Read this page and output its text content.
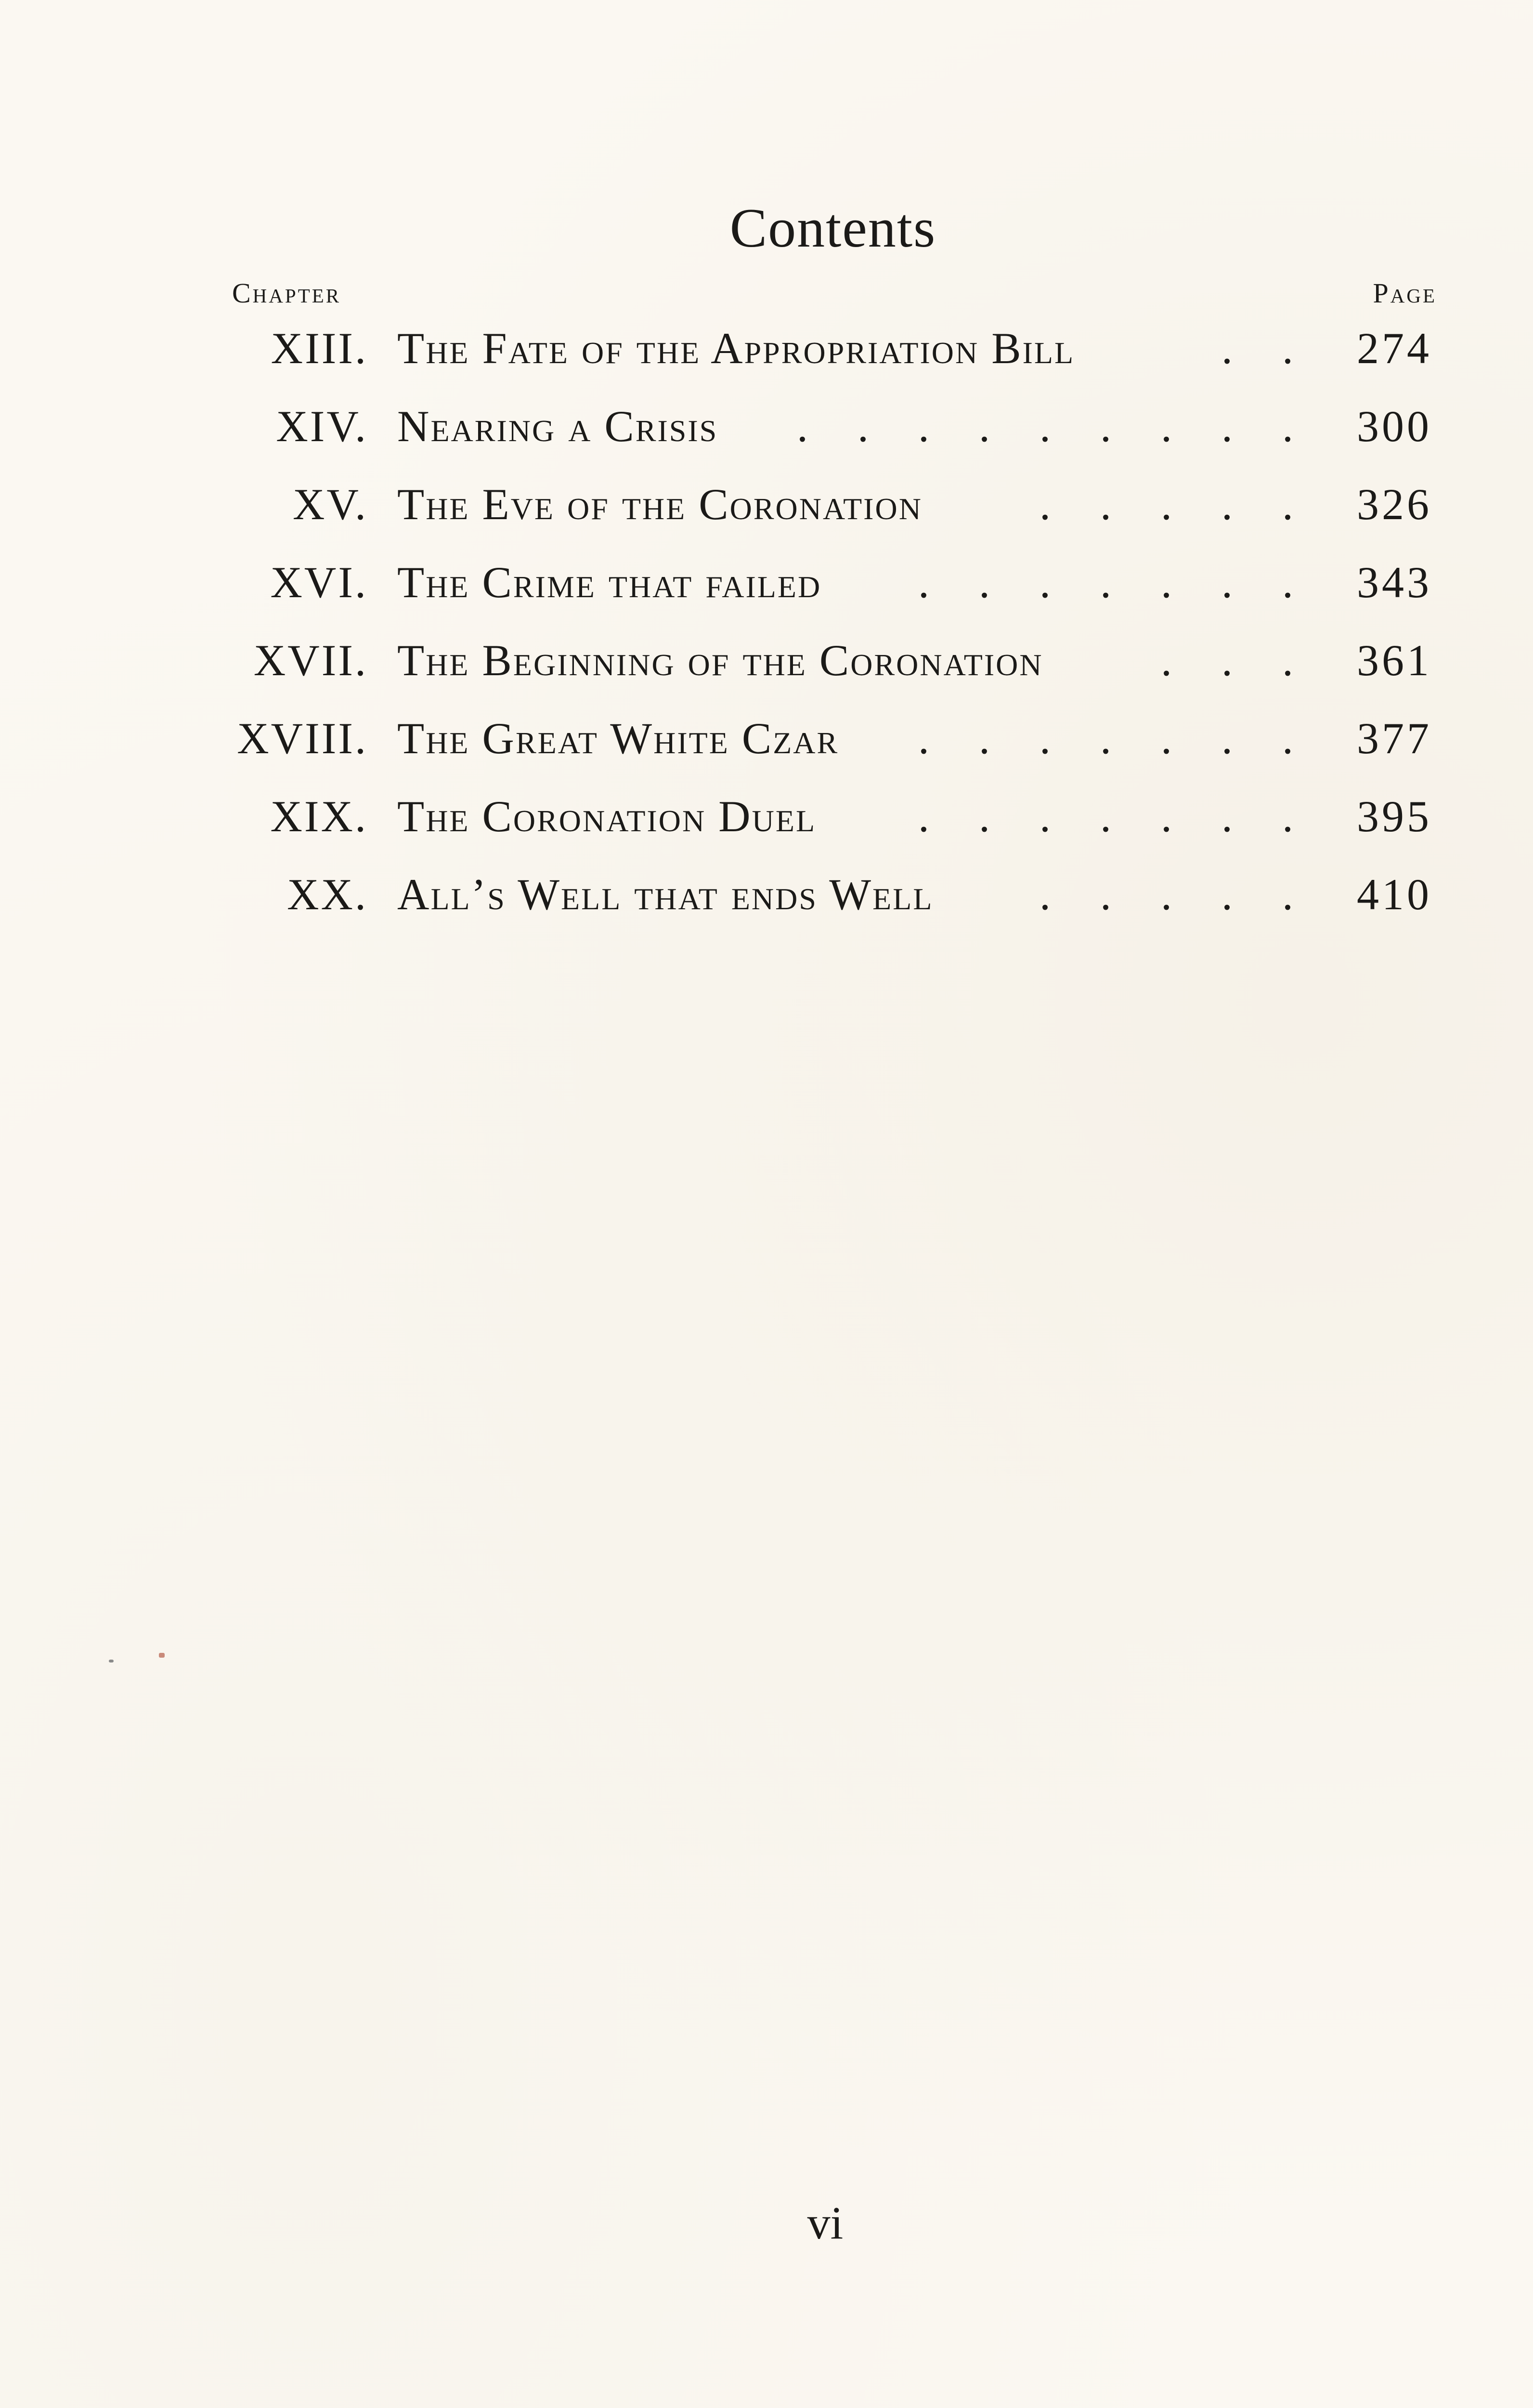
Contents
Chapter	Page
XIII. The Fate of the Appropriation Bill	. . 274
XIV. Nearing a Crisis . . . . . . . . . 300
XV. The Eve of the Coronation	. . . . . 326
XVI. The Crime that failed . . . . . . . 343
XVII. The Beginning of the Coronation	. . . 361
XVIII. The Great White Czar . . . . . . . 377
XIX. The Coronation Duel . . . . . . . 395
XX. All’s Well that ends Well . . . . . 410
vi
